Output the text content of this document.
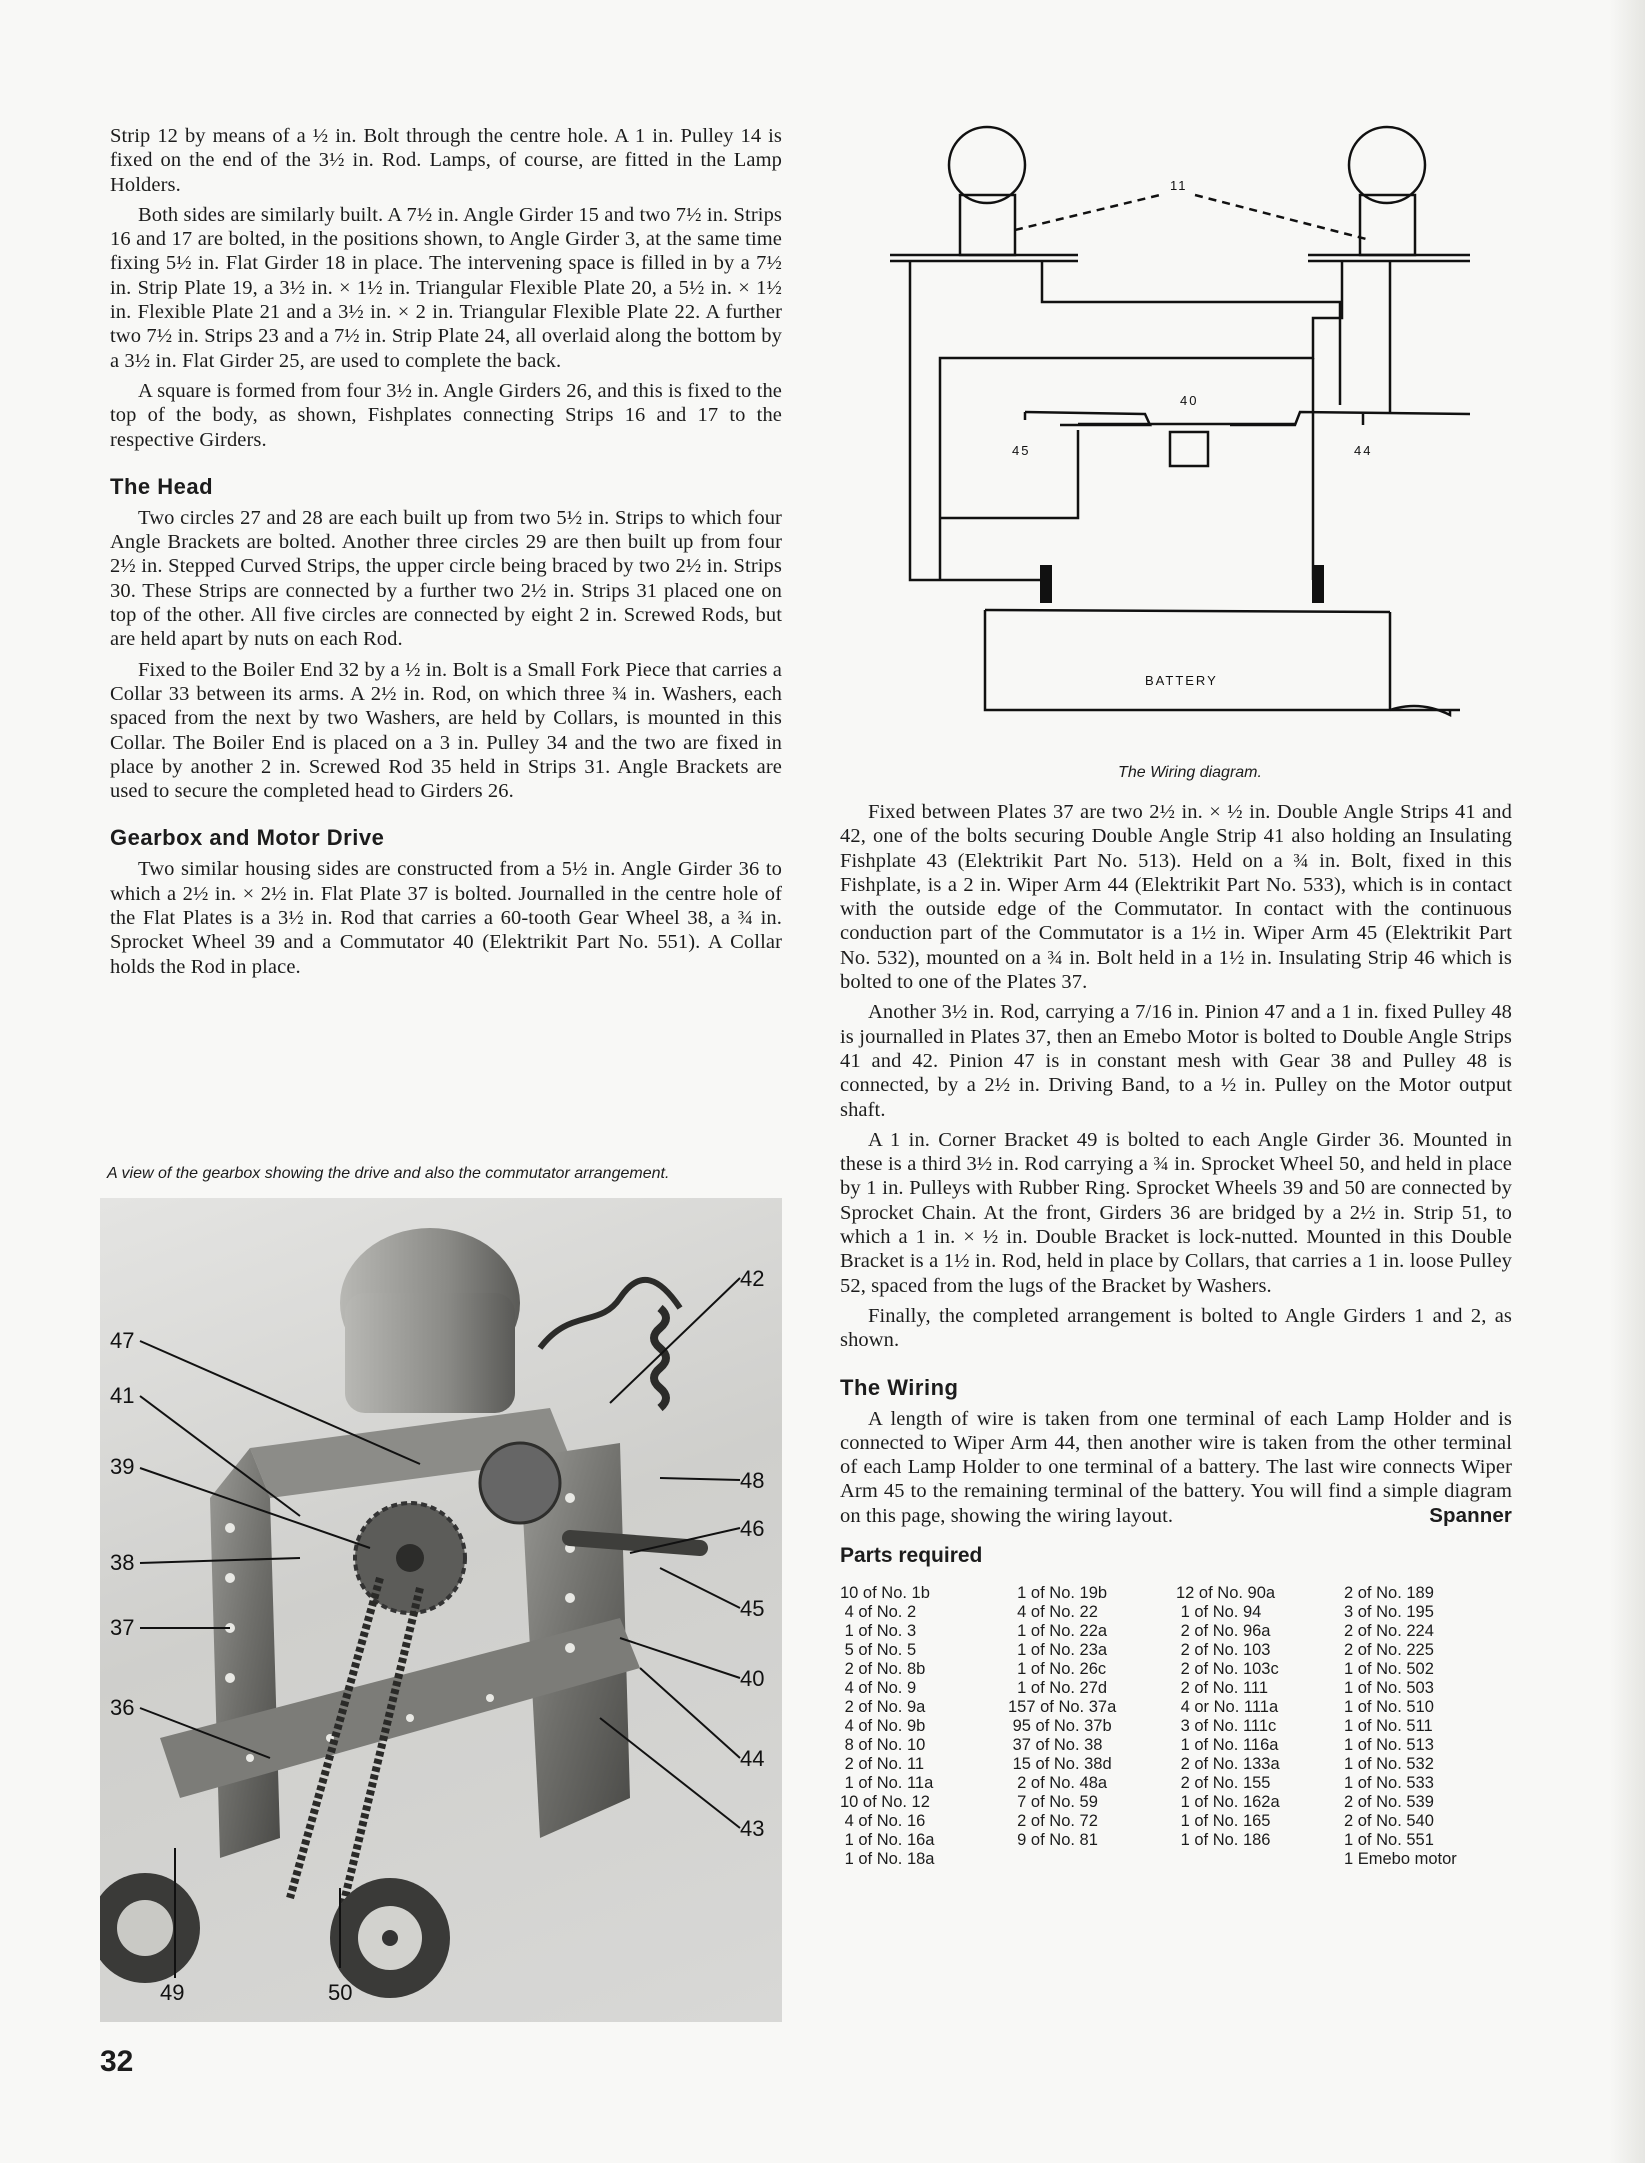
Strip 12 by means of a ½ in. Bolt through the centre hole. A 1 in. Pulley 14 is fixed on the end of the 3½ in. Rod. Lamps, of course, are fitted in the Lamp Holders.

Both sides are similarly built. A 7½ in. Angle Girder 15 and two 7½ in. Strips 16 and 17 are bolted, in the positions shown, to Angle Girder 3, at the same time fixing 5½ in. Flat Girder 18 in place. The intervening space is filled in by a 7½ in. Strip Plate 19, a 3½ in. × 1½ in. Triangular Flexible Plate 20, a 5½ in. × 1½ in. Flexible Plate 21 and a 3½ in. × 2 in. Triangular Flexible Plate 22. A further two 7½ in. Strips 23 and a 7½ in. Strip Plate 24, all overlaid along the bottom by a 3½ in. Flat Girder 25, are used to complete the back.

A square is formed from four 3½ in. Angle Girders 26, and this is fixed to the top of the body, as shown, Fishplates connecting Strips 16 and 17 to the respective Girders.

The Head

Two circles 27 and 28 are each built up from two 5½ in. Strips to which four Angle Brackets are bolted. Another three circles 29 are then built up from four 2½ in. Stepped Curved Strips, the upper circle being braced by two 2½ in. Strips 30. These Strips are connected by a further two 2½ in. Strips 31 placed one on top of the other. All five circles are connected by eight 2 in. Screwed Rods, but are held apart by nuts on each Rod.

Fixed to the Boiler End 32 by a ½ in. Bolt is a Small Fork Piece that carries a Collar 33 between its arms. A 2½ in. Rod, on which three ¾ in. Washers, each spaced from the next by two Washers, are held by Collars, is mounted in this Collar. The Boiler End is placed on a 3 in. Pulley 34 and the two are fixed in place by another 2 in. Screwed Rod 35 held in Strips 31. Angle Brackets are used to secure the completed head to Girders 26.

Gearbox and Motor Drive

Two similar housing sides are constructed from a 5½ in. Angle Girder 36 to which a 2½ in. × 2½ in. Flat Plate 37 is bolted. Journalled in the centre hole of the Flat Plates is a 3½ in. Rod that carries a 60-tooth Gear Wheel 38, a ¾ in. Sprocket Wheel 39 and a Commutator 40 (Elektrikit Part No. 551). A Collar holds the Rod in place.

A view of the gearbox showing the drive and also the commutator arrangement.
47
41
39
38
37
36
42
48
46
45
40
44
43
49	50
32
11
40
45	44
BATTERY
The Wiring diagram.

Fixed between Plates 37 are two 2½ in. × ½ in. Double Angle Strips 41 and 42, one of the bolts securing Double Angle Strip 41 also holding an Insulating Fishplate 43 (Elektrikit Part No. 513). Held on a ¾ in. Bolt, fixed in this Fishplate, is a 2 in. Wiper Arm 44 (Elektrikit Part No. 533), which is in contact with the outside edge of the Commutator. In contact with the continuous conduction part of the Commutator is a 1½ in. Wiper Arm 45 (Elektrikit Part No. 532), mounted on a ¾ in. Bolt held in a 1½ in. Insulating Strip 46 which is bolted to one of the Plates 37.

Another 3½ in. Rod, carrying a 7/16 in. Pinion 47 and a 1 in. fixed Pulley 48 is journalled in Plates 37, then an Emebo Motor is bolted to Double Angle Strips 41 and 42. Pinion 47 is in constant mesh with Gear 38 and Pulley 48 is connected, by a 2½ in. Driving Band, to a ½ in. Pulley on the Motor output shaft.

A 1 in. Corner Bracket 49 is bolted to each Angle Girder 36. Mounted in these is a third 3½ in. Rod carrying a ¾ in. Sprocket Wheel 50, and held in place by 1 in. Pulleys with Rubber Ring. Sprocket Wheels 39 and 50 are connected by Sprocket Chain. At the front, Girders 36 are bridged by a 2½ in. Strip 51, to which a 1 in. × ½ in. Double Bracket is lock-nutted. Mounted in this Double Bracket is a 1½ in. Rod, held in place by Collars, that carries a 1 in. loose Pulley 52, spaced from the lugs of the Bracket by Washers.

Finally, the completed arrangement is bolted to Angle Girders 1 and 2, as shown.

The Wiring

A length of wire is taken from one terminal of each Lamp Holder and is connected to Wiper Arm 44, then another wire is taken from the other terminal of each Lamp Holder to one terminal of a battery. The last wire connects Wiper Arm 45 to the remaining terminal of the battery. You will find a simple diagram on this page, showing the wiring layout.	Spanner

Parts required
10 of No. 1b
4 of No. 2
1 of No. 3
5 of No. 5
2 of No. 8b
4 of No. 9
2 of No. 9a
4 of No. 9b
8 of No. 10
2 of No. 11
1 of No. 11a
10 of No. 12
4 of No. 16
1 of No. 16a
1 of No. 18a
1 of No. 19b
4 of No. 22
1 of No. 22a
1 of No. 23a
1 of No. 26c
1 of No. 27d
157 of No. 37a
95 of No. 37b
37 of No. 38
15 of No. 38d
2 of No. 48a
7 of No. 59
2 of No. 72
9 of No. 81
12 of No. 90a
1 of No. 94
2 of No. 96a
2 of No. 103
2 of No. 103c
2 of No. 111
4 or No. 111a
3 of No. 111c
1 of No. 116a
2 of No. 133a
2 of No. 155
1 of No. 162a
1 of No. 165
1 of No. 186
2 of No. 189
3 of No. 195
2 of No. 224
2 of No. 225
1 of No. 502
1 of No. 503
1 of No. 510
1 of No. 511
1 of No. 513
1 of No. 532
1 of No. 533
2 of No. 539
2 of No. 540
1 of No. 551
1 Emebo motor
